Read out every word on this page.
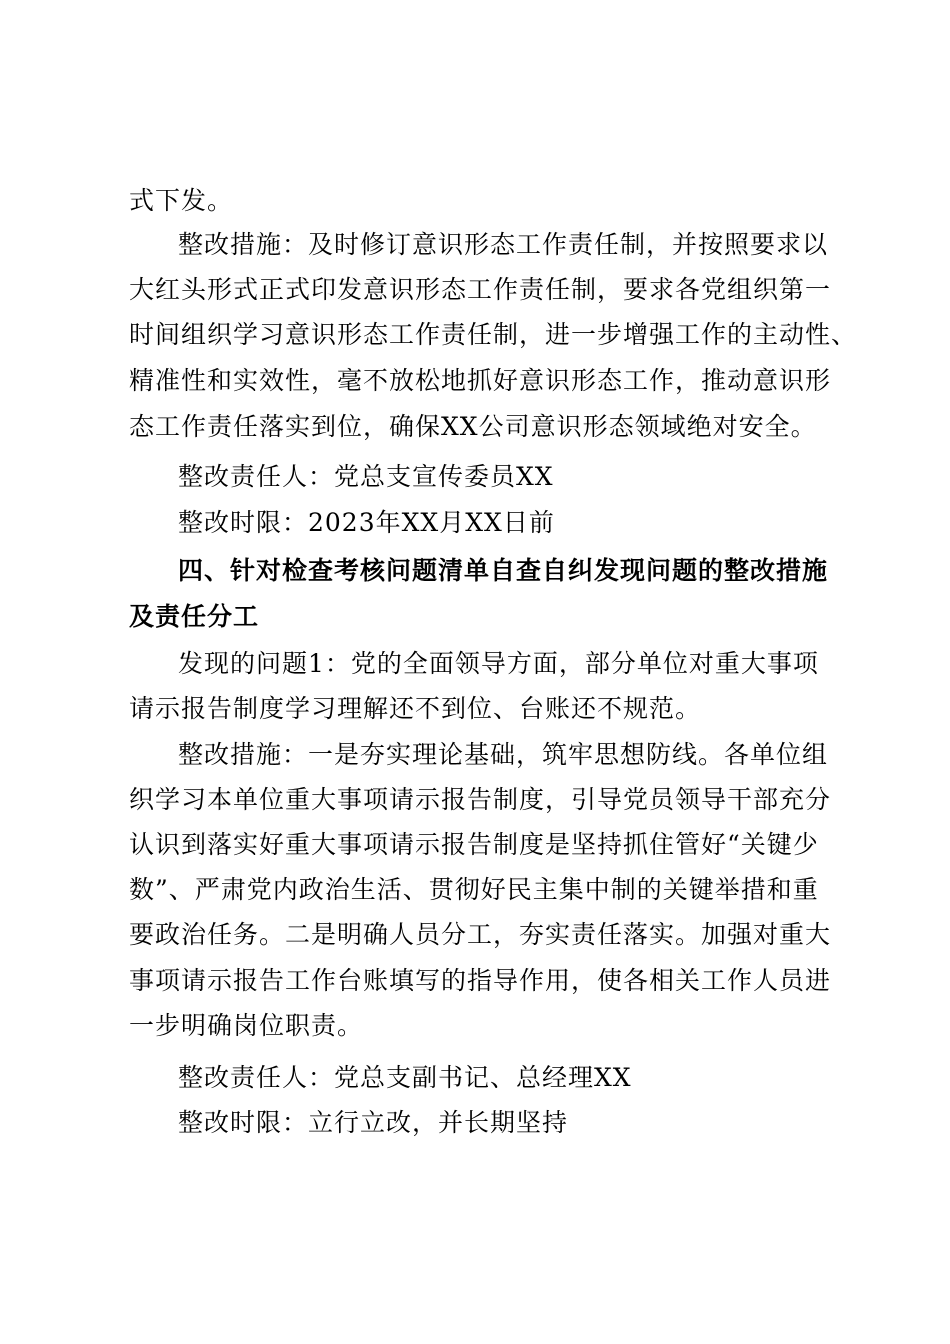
式下发。
整改措施：及时修订意识形态工作责任制，并按照要求以
大红头形式正式印发意识形态工作责任制，要求各党组织第一
时间组织学习意识形态工作责任制，进一步增强工作的主动性、
精准性和实效性，毫不放松地抓好意识形态工作，推动意识形
态工作责任落实到位，确保XX公司意识形态领域绝对安全。
整改责任人：党总支宣传委员XX
整改时限：2023年XX月XX日前
四、针对检查考核问题清单自查自纠发现问题的整改措施
及责任分工
发现的问题1：党的全面领导方面，部分单位对重大事项
请示报告制度学习理解还不到位、台账还不规范。
整改措施：一是夯实理论基础，筑牢思想防线。各单位组
织学习本单位重大事项请示报告制度，引导党员领导干部充分
认识到落实好重大事项请示报告制度是坚持抓住管好“关键少
数”、严肃党内政治生活、贯彻好民主集中制的关键举措和重
要政治任务。二是明确人员分工，夯实责任落实。加强对重大
事项请示报告工作台账填写的指导作用，使各相关工作人员进
一步明确岗位职责。
整改责任人：党总支副书记、总经理XX
整改时限：立行立改，并长期坚持
